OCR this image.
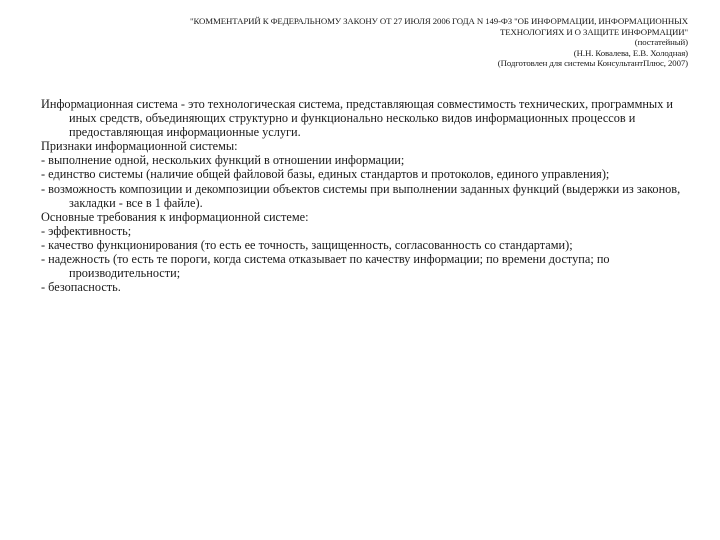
"КОММЕНТАРИЙ К ФЕДЕРАЛЬНОМУ ЗАКОНУ ОТ 27 ИЮЛЯ 2006 ГОДА N 149-ФЗ "ОБ ИНФОРМАЦИИ, ИНФОРМАЦИОННЫХ
ТЕХНОЛОГИЯХ И О ЗАЩИТЕ ИНФОРМАЦИИ"
(постатейный)
(Н.Н. Ковалева, Е.В. Холодная)
(Подготовлен для системы КонсультантПлюс, 2007)

Информационная система - это технологическая система, представляющая совместимость технических, программных и иных средств, объединяющих структурно и функционально несколько видов информационных процессов и предоставляющая информационные услуги.

Признаки информационной системы:

- выполнение одной, нескольких функций в отношении информации;

- единство системы (наличие общей файловой базы, единых стандартов и протоколов, единого управления);

- возможность композиции и декомпозиции объектов системы при выполнении заданных функций (выдержки из законов, закладки - все в 1 файле).

Основные требования к информационной системе:

- эффективность;

- качество функционирования (то есть ее точность, защищенность, согласованность со стандартами);

- надежность (то есть те пороги, когда система отказывает по качеству информации; по времени доступа; по производительности;

- безопасность.
